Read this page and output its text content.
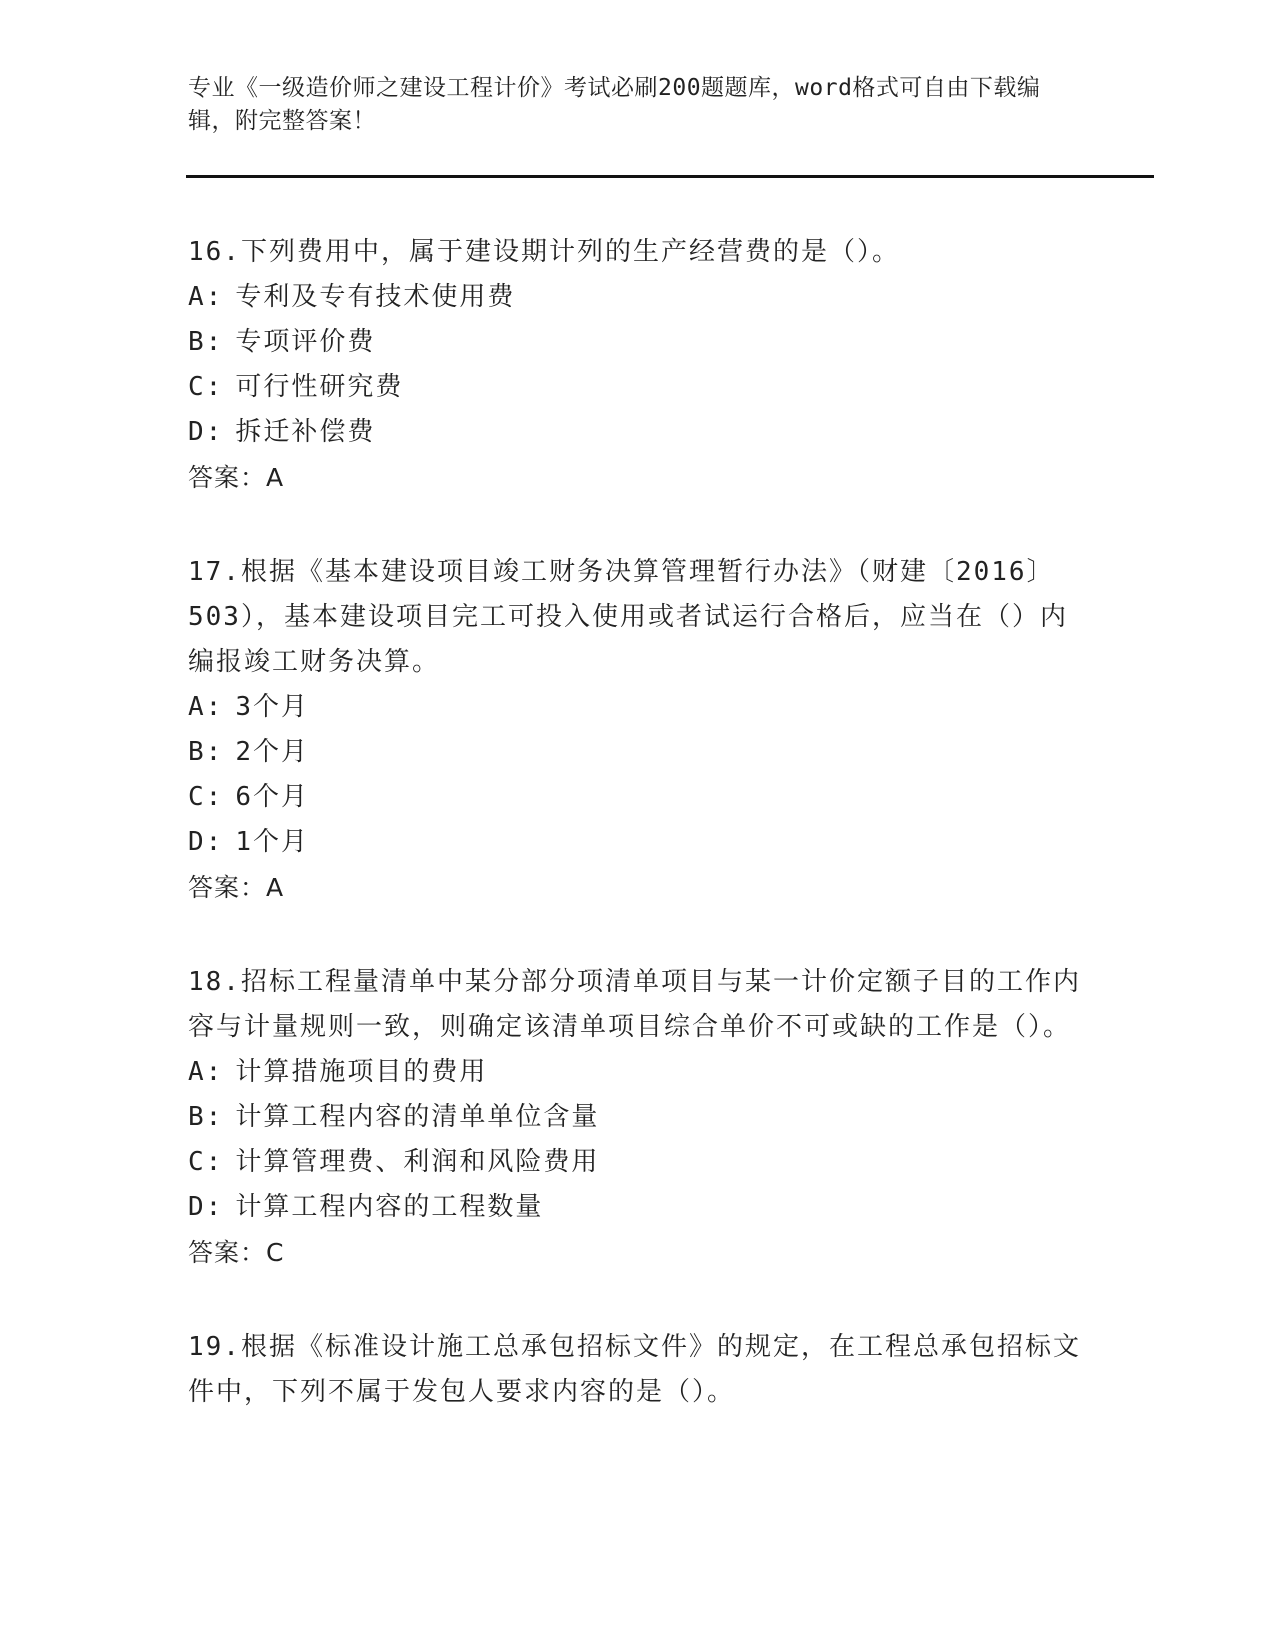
专业《一级造价师之建设工程计价》考试必刷200题题库，word格式可自由下载编辑，附完整答案！

16.下列费用中，属于建设期计列的生产经营费的是（）。

A: 专利及专有技术使用费

B: 专项评价费

C: 可行性研究费

D: 拆迁补偿费

答案：A

17.根据《基本建设项目竣工财务决算管理暂行办法》（财建〔2016〕503），基本建设项目完工可投入使用或者试运行合格后，应当在（）内编报竣工财务决算。

A: 3个月

B: 2个月

C: 6个月

D: 1个月

答案：A

18.招标工程量清单中某分部分项清单项目与某一计价定额子目的工作内容与计量规则一致，则确定该清单项目综合单价不可或缺的工作是（）。

A: 计算措施项目的费用

B: 计算工程内容的清单单位含量

C: 计算管理费、利润和风险费用

D: 计算工程内容的工程数量

答案：C

19.根据《标准设计施工总承包招标文件》的规定，在工程总承包招标文件中，下列不属于发包人要求内容的是（）。
